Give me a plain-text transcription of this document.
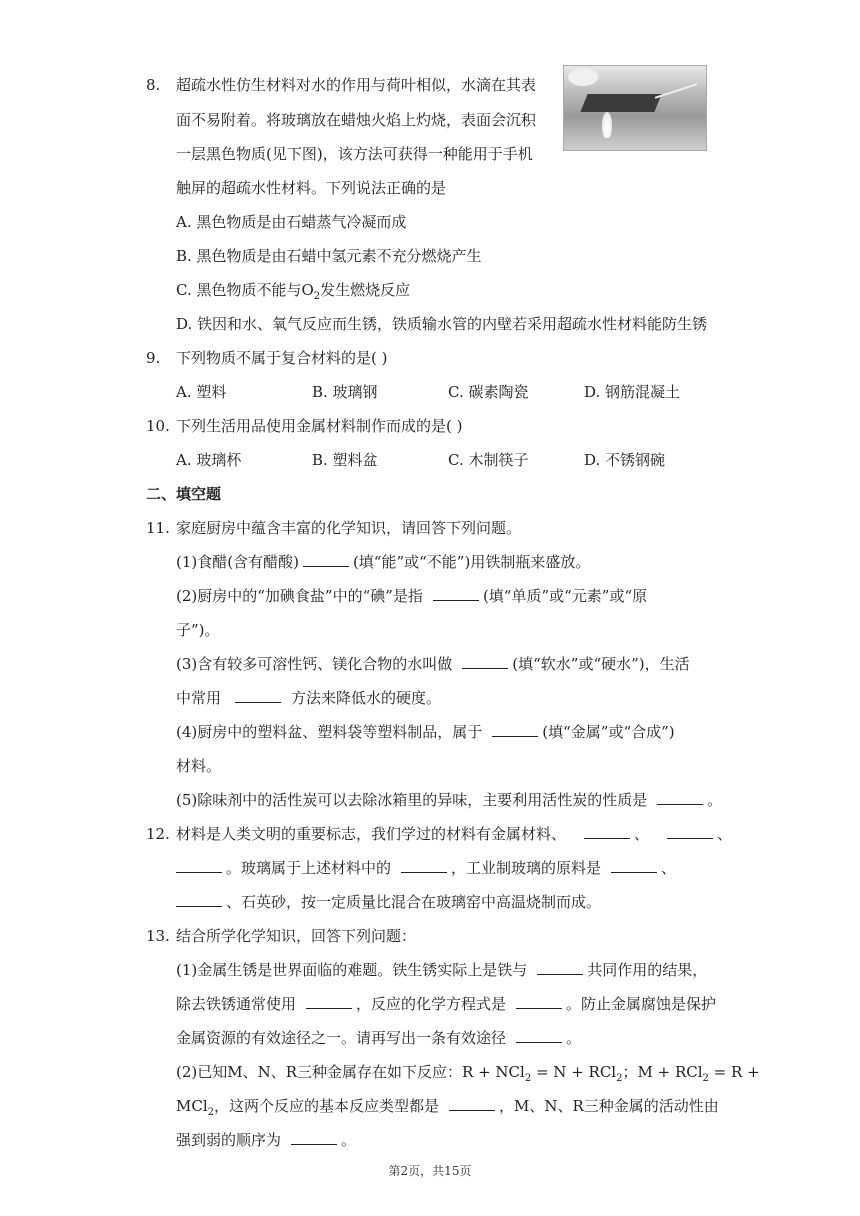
8. 超疏水性仿生材料对水的作用与荷叶相似，水滴在其表
面不易附着。将玻璃放在蜡烛火焰上灼烧，表面会沉积
一层黑色物质(见下图)，该方法可获得一种能用于手机
触屏的超疏水性材料。下列说法正确的是
A. 黑色物质是由石蜡蒸气冷凝而成
B. 黑色物质是由石蜡中氢元素不充分燃烧产生
C. 黑色物质不能与$O_2$发生燃烧反应
D. 铁因和水、氧气反应而生锈，铁质输水管的内壁若采用超疏水性材料能防生锈
9. 下列物质不属于复合材料的是( )
A. 塑料	B. 玻璃钢	C. 碳素陶瓷	D. 钢筋混凝土
10. 下列生活用品使用金属材料制作而成的是( )
A. 玻璃杯	B. 塑料盆	C. 木制筷子	D. 不锈钢碗
二、填空题
11. 家庭厨房中蕴含丰富的化学知识，请回答下列问题。
(1)食醋(含有醋酸)	(填“能”或“不能”)用铁制瓶来盛放。
(2)厨房中的“加碘食盐”中的“碘”是指	(填“单质”或“元素”或“原
子”)。
(3)含有较多可溶性钙、镁化合物的水叫做	(填“软水”或“硬水”)，生活
中常用	方法来降低水的硬度。
(4)厨房中的塑料盆、塑料袋等塑料制品，属于	(填“金属”或“合成”)
材料。
(5)除味剂中的活性炭可以去除冰箱里的异味，主要利用活性炭的性质是	。
12. 材料是人类文明的重要标志，我们学过的材料有金属材料、	、	、
。玻璃属于上述材料中的	，工业制玻璃的原料是	、
、石英砂，按一定质量比混合在玻璃窑中高温烧制而成。
13. 结合所学化学知识，回答下列问题：
(1)金属生锈是世界面临的难题。铁生锈实际上是铁与	共同作用的结果，
除去铁锈通常使用	，反应的化学方程式是	。防止金属腐蚀是保护
金属资源的有效途径之一。请再写出一条有效途径	。
(2)已知M、N、R三种金属存在如下反应：R + NCl$_2$ = N + RCl$_2$；M + RCl$_2$ = R +
MCl$_2$，这两个反应的基本反应类型都是	，M、N、R三种金属的活动性由
强到弱的顺序为	。
第2页，共15页
